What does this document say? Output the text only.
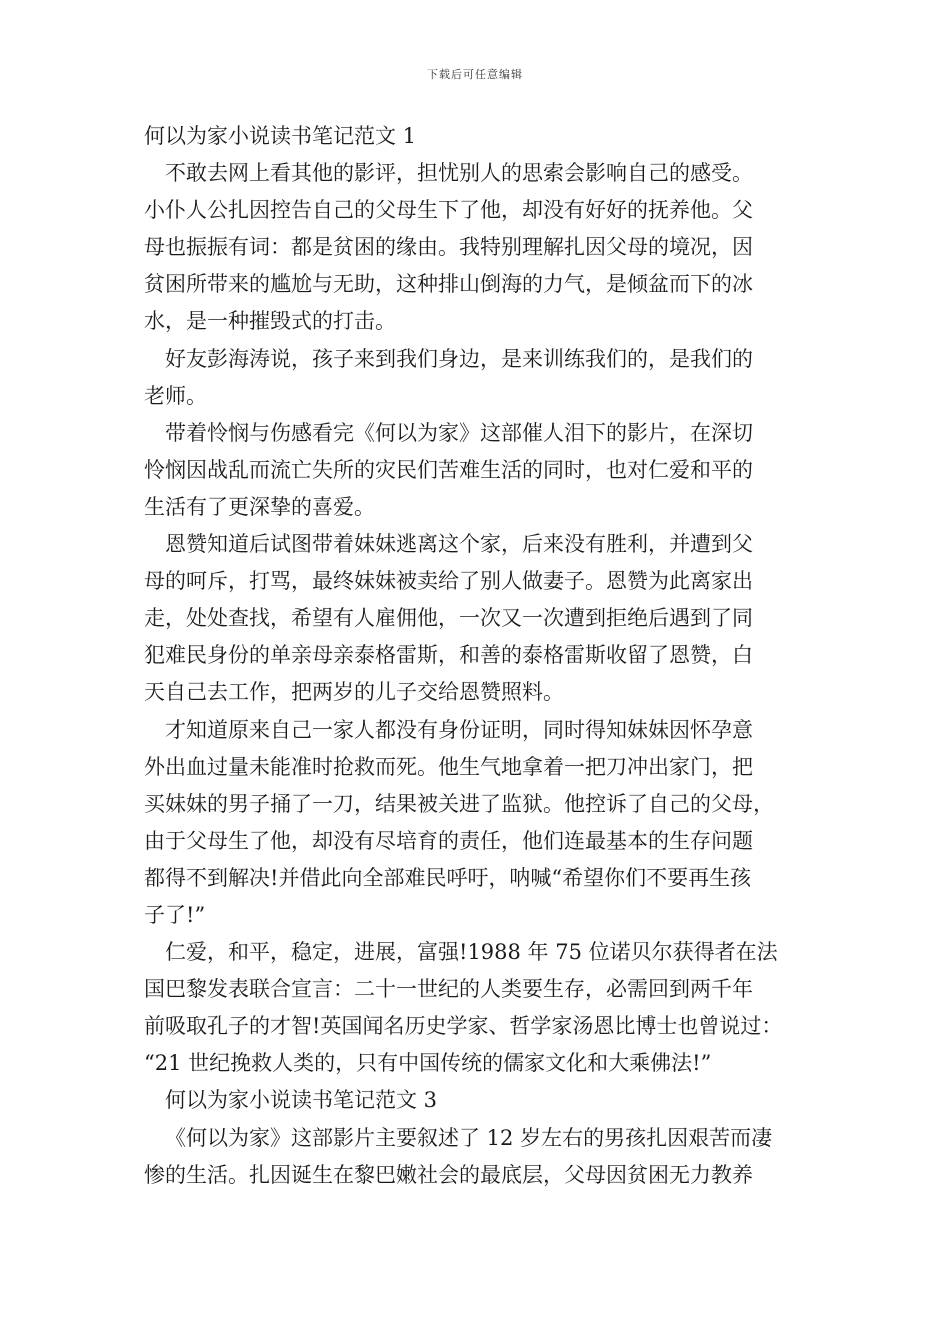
下载后可任意编辑
何以为家小说读书笔记范文 1
不敢去网上看其他的影评，担忧别人的思索会影响自己的感受。
小仆人公扎因控告自己的父母生下了他，却没有好好的抚养他。父
母也振振有词：都是贫困的缘由。我特别理解扎因父母的境况，因
贫困所带来的尴尬与无助，这种排山倒海的力气，是倾盆而下的冰
水，是一种摧毁式的打击。
好友彭海涛说，孩子来到我们身边，是来训练我们的，是我们的
老师。
带着怜悯与伤感看完《何以为家》这部催人泪下的影片，在深切
怜悯因战乱而流亡失所的灾民们苦难生活的同时，也对仁爱和平的
生活有了更深挚的喜爱。
恩赞知道后试图带着妹妹逃离这个家，后来没有胜利，并遭到父
母的呵斥，打骂，最终妹妹被卖给了别人做妻子。恩赞为此离家出
走，处处查找，希望有人雇佣他，一次又一次遭到拒绝后遇到了同
犯难民身份的单亲母亲泰格雷斯，和善的泰格雷斯收留了恩赞，白
天自己去工作，把两岁的儿子交给恩赞照料。
才知道原来自己一家人都没有身份证明，同时得知妹妹因怀孕意
外出血过量未能准时抢救而死。他生气地拿着一把刀冲出家门，把
买妹妹的男子捅了一刀，结果被关进了监狱。他控诉了自己的父母，
由于父母生了他，却没有尽培育的责任，他们连最基本的生存问题
都得不到解决!并借此向全部难民呼吁，呐喊“希望你们不要再生孩
子了!”
仁爱，和平，稳定，进展，富强!1988 年 75 位诺贝尔获得者在法
国巴黎发表联合宣言：二十一世纪的人类要生存，必需回到两千年
前吸取孔子的才智!英国闻名历史学家、哲学家汤恩比博士也曾说过：
“21 世纪挽救人类的，只有中国传统的儒家文化和大乘佛法!”
何以为家小说读书笔记范文 3
《何以为家》这部影片主要叙述了 12 岁左右的男孩扎因艰苦而凄
惨的生活。扎因诞生在黎巴嫩社会的最底层，父母因贫困无力教养
